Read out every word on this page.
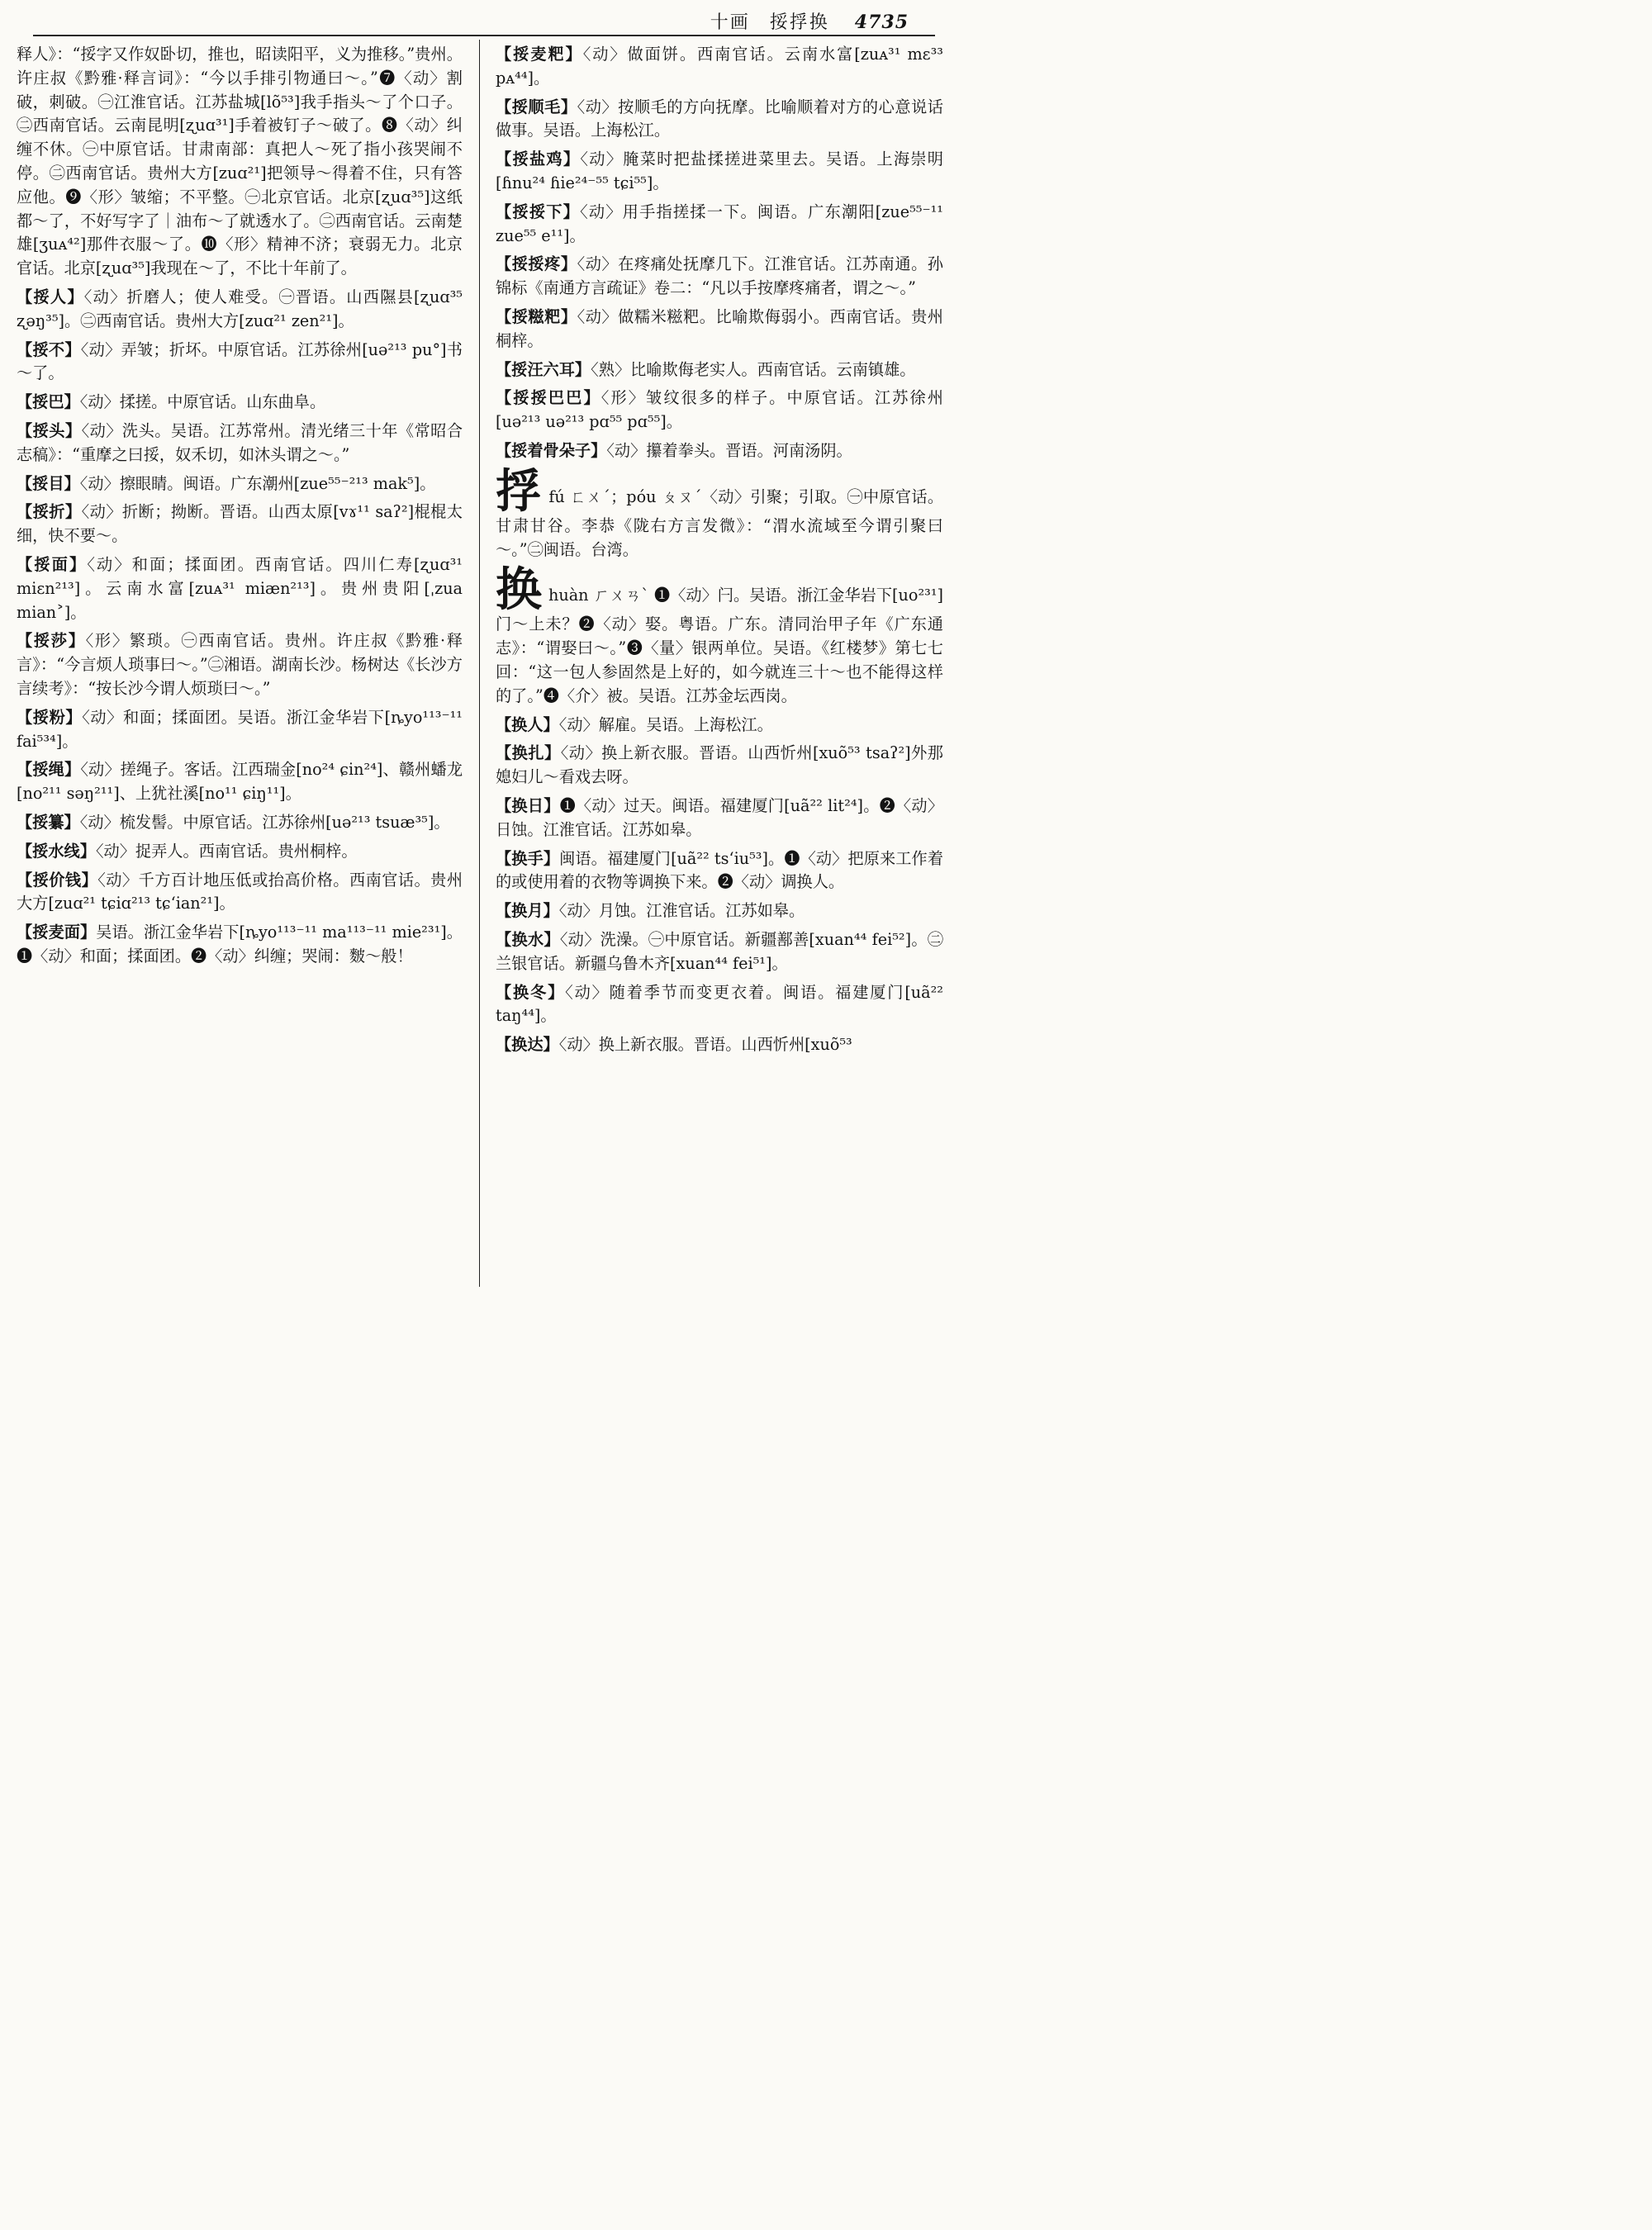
十画　挼捊换 4735
释人》：“挼字又作奴卧切，推也，昭读阳平，义为推移。”贵州。许庄叔《黔雅·释言词》：“今以手排引物通曰～。”❼〈动〉割破，刺破。㊀江淮官话。江苏盐城[lõ⁵³]我手指头～了个口子。㊁西南官话。云南昆明[ʐuɑ³¹]手着被钉子～破了。❽〈动〉纠缠不休。㊀中原官话。甘肃南部：真把人～死了指小孩哭闹不停。㊁西南官话。贵州大方[zuɑ²¹]把领导～得着不住，只有答应他。❾〈形〉皱缩；不平整。㊀北京官话。北京[ʐuɑ³⁵]这纸都～了，不好写字了｜油布～了就透水了。㊁西南官话。云南楚雄[ʒuᴀ⁴²]那件衣服～了。❿〈形〉精神不济；衰弱无力。北京官话。北京[ʐuɑ³⁵]我现在～了，不比十年前了。
【挼人】〈动〉折磨人；使人难受。㊀晋语。山西隰县[ʐuɑ³⁵ ʐəŋ³⁵]。㊁西南官话。贵州大方[zuɑ²¹ zen²¹]。
【挼不】〈动〉弄皱；折坏。中原官话。江苏徐州[uə²¹³ pu°]书～了。
【挼巴】〈动〉揉搓。中原官话。山东曲阜。
【挼头】〈动〉洗头。吴语。江苏常州。清光绪三十年《常昭合志稿》：“重摩之曰挼，奴禾切，如沐头谓之～。”
【挼目】〈动〉擦眼睛。闽语。广东潮州[zue⁵⁵⁻²¹³ mak⁵]。
【挼折】〈动〉折断；拗断。晋语。山西太原[vɤ¹¹ saʔ²]棍棍太细，快不要～。
【挼面】〈动〉和面；揉面团。西南官话。四川仁寿[ʐuɑ³¹ miɛn²¹³]。云南水富[zuᴀ³¹ miæn²¹³]。贵州贵阳[ˌzua mian˃]。
【挼莎】〈形〉繁琐。㊀西南官话。贵州。许庄叔《黔雅·释言》：“今言烦人琐事曰～。”㊁湘语。湖南长沙。杨树达《长沙方言续考》：“按长沙今谓人烦琐曰～。”
【挼粉】〈动〉和面；揉面团。吴语。浙江金华岩下[ȵyo¹¹³⁻¹¹ fai⁵³⁴]。
【挼绳】〈动〉搓绳子。客话。江西瑞金[no²⁴ ɕin²⁴]、赣州蟠龙[no²¹¹ səŋ²¹¹]、上犹社溪[no¹¹ ɕiŋ¹¹]。
【挼纂】〈动〉梳发髻。中原官话。江苏徐州[uə²¹³ tsuæ³⁵]。
【挼水线】〈动〉捉弄人。西南官话。贵州桐梓。
【挼价钱】〈动〉千方百计地压低或抬高价格。西南官话。贵州大方[zuɑ²¹ tɕiɑ²¹³ tɕʻian²¹]。
【挼麦面】吴语。浙江金华岩下[ȵyo¹¹³⁻¹¹ ma¹¹³⁻¹¹ mie²³¹]。❶〈动〉和面；揉面团。❷〈动〉纠缠；哭闹：麬～般！
【挼麦粑】〈动〉做面饼。西南官话。云南水富[zuᴀ³¹ mɛ³³ pᴀ⁴⁴]。
【挼顺毛】〈动〉按顺毛的方向抚摩。比喻顺着对方的心意说话做事。吴语。上海松江。
【挼盐鸡】〈动〉腌菜时把盐揉搓进菜里去。吴语。上海崇明[ɦnu²⁴ ɦie²⁴⁻⁵⁵ tɕi⁵⁵]。
【挼挼下】〈动〉用手指搓揉一下。闽语。广东潮阳[zue⁵⁵⁻¹¹ zue⁵⁵ e¹¹]。
【挼挼疼】〈动〉在疼痛处抚摩几下。江淮官话。江苏南通。孙锦标《南通方言疏证》卷二：“凡以手按摩疼痛者，谓之～。”
【挼糍粑】〈动〉做糯米糍粑。比喻欺侮弱小。西南官话。贵州桐梓。
【挼汪六耳】〈熟〉比喻欺侮老实人。西南官话。云南镇雄。
【挼挼巴巴】〈形〉皱纹很多的样子。中原官话。江苏徐州[uə²¹³ uə²¹³ pɑ⁵⁵ pɑ⁵⁵]。
【挼着骨朵子】〈动〉攥着拳头。晋语。河南汤阴。
捊fú ㄈㄨˊ；póu ㄆㄡˊ〈动〉引聚；引取。㊀中原官话。甘肃甘谷。李恭《陇右方言发微》：“渭水流域至今谓引聚曰～。”㊁闽语。台湾。
换huàn ㄏㄨㄢˋ ❶〈动〉闩。吴语。浙江金华岩下[uo²³¹]门～上未？❷〈动〉娶。粤语。广东。清同治甲子年《广东通志》：“谓娶曰～。”❸〈量〉银两单位。吴语。《红楼梦》第七七回：“这一包人参固然是上好的，如今就连三十～也不能得这样的了。”❹〈介〉被。吴语。江苏金坛西岗。
【换人】〈动〉解雇。吴语。上海松江。
【换扎】〈动〉换上新衣服。晋语。山西忻州[xuõ⁵³ tsaʔ²]外那媳妇儿～看戏去呀。
【换日】❶〈动〉过天。闽语。福建厦门[uã²² lit²⁴]。❷〈动〉日蚀。江淮官话。江苏如皋。
【换手】闽语。福建厦门[uã²² tsʻiu⁵³]。❶〈动〉把原来工作着的或使用着的衣物等调换下来。❷〈动〉调换人。
【换月】〈动〉月蚀。江淮官话。江苏如皋。
【换水】〈动〉洗澡。㊀中原官话。新疆鄯善[xuan⁴⁴ fei⁵²]。㊁兰银官话。新疆乌鲁木齐[xuan⁴⁴ fei⁵¹]。
【换冬】〈动〉随着季节而变更衣着。闽语。福建厦门[uã²² taŋ⁴⁴]。
【换达】〈动〉换上新衣服。晋语。山西忻州[xuõ⁵³
